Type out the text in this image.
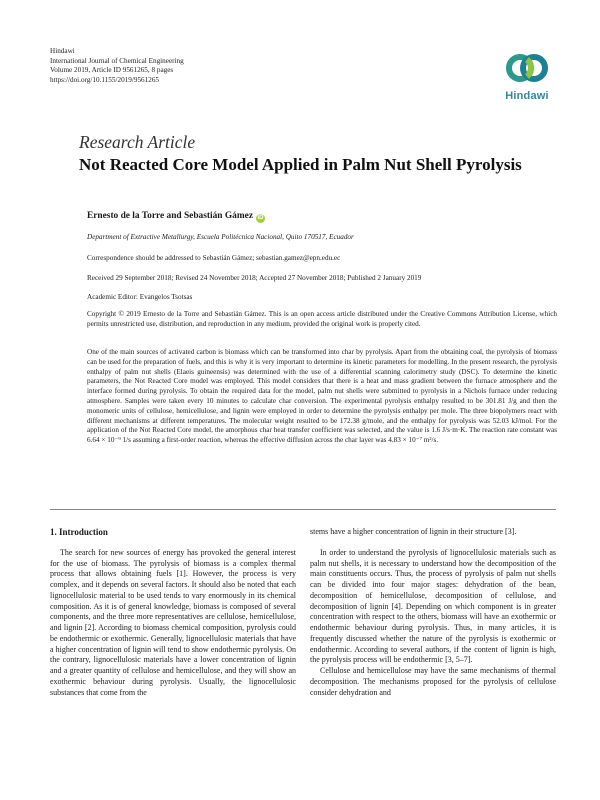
Hindawi
International Journal of Chemical Engineering
Volume 2019, Article ID 9561265, 8 pages
https://doi.org/10.1155/2019/9561265
Hindawi
Research Article
Not Reacted Core Model Applied in Palm Nut Shell Pyrolysis
Ernesto de la Torre and Sebastián Gámez iD
Department of Extractive Metallurgy, Escuela Politécnica Nacional, Quito 170517, Ecuador
Correspondence should be addressed to Sebastián Gámez; sebastian.gamez@epn.edu.ec
Received 29 September 2018; Revised 24 November 2018; Accepted 27 November 2018; Published 2 January 2019
Academic Editor: Evangelos Tsotsas
Copyright © 2019 Ernesto de la Torre and Sebastián Gámez. This is an open access article distributed under the Creative Commons Attribution License, which permits unrestricted use, distribution, and reproduction in any medium, provided the original work is properly cited.

One of the main sources of activated carbon is biomass which can be transformed into char by pyrolysis. Apart from the obtaining coal, the pyrolysis of biomass can be used for the preparation of fuels, and this is why it is very important to determine its kinetic parameters for modelling. In the present research, the pyrolysis enthalpy of palm nut shells (Elaeis guineensis) was determined with the use of a differential scanning calorimetry study (DSC). To determine the kinetic parameters, the Not Reacted Core model was employed. This model considers that there is a heat and mass gradient between the furnace atmosphere and the interface formed during pyrolysis. To obtain the required data for the model, palm nut shells were submitted to pyrolysis in a Nichols furnace under reducing atmosphere. Samples were taken every 10 minutes to calculate char conversion. The experimental pyrolysis enthalpy resulted to be 301.81 J/g and then the monomeric units of cellulose, hemicellulose, and lignin were employed in order to determine the pyrolysis enthalpy per mole. The three biopolymers react with different mechanisms at different temperatures. The molecular weight resulted to be 172.38 g/mole, and the enthalpy for pyrolysis was 52.03 kJ/mol. For the application of the Not Reacted Core model, the amorphous char heat transfer coefficient was selected, and the value is 1.6 J/s·m·K. The reaction rate constant was 6.64 × 10⁻⁹ 1/s assuming a first-order reaction, whereas the effective diffusion across the char layer was 4.83 × 10⁻⁷ m²/s.

1. Introduction

The search for new sources of energy has provoked the general interest for the use of biomass. The pyrolysis of biomass is a complex thermal process that allows obtaining fuels [1]. However, the process is very complex, and it depends on several factors. It should also be noted that each lignocellulosic material to be used tends to vary enormously in its chemical composition. As it is of general knowledge, biomass is composed of several components, and the three more representatives are cellulose, hemicellulose, and lignin [2]. According to biomass chemical composition, pyrolysis could be endothermic or exothermic. Generally, lignocellulosic materials that have a higher concentration of lignin will tend to show endothermic pyrolysis. On the contrary, lignocellulosic materials have a lower concentration of lignin and a greater quantity of cellulose and hemicellulose, and they will show an exothermic behaviour during pyrolysis. Usually, the lignocellulosic substances that come from the

stems have a higher concentration of lignin in their structure [3].

In order to understand the pyrolysis of lignocellulosic materials such as palm nut shells, it is necessary to understand how the decomposition of the main constituents occurs. Thus, the process of pyrolysis of palm nut shells can be divided into four major stages: dehydration of the bean, decomposition of hemicellulose, decomposition of cellulose, and decomposition of lignin [4]. Depending on which component is in greater concentration with respect to the others, biomass will have an exothermic or endothermic behaviour during pyrolysis. Thus, in many articles, it is frequently discussed whether the nature of the pyrolysis is exothermic or endothermic. According to several authors, if the content of lignin is high, the pyrolysis process will be endothermic [3, 5–7].

Cellulose and hemicellulose may have the same mechanisms of thermal decomposition. The mechanisms proposed for the pyrolysis of cellulose consider dehydration and
